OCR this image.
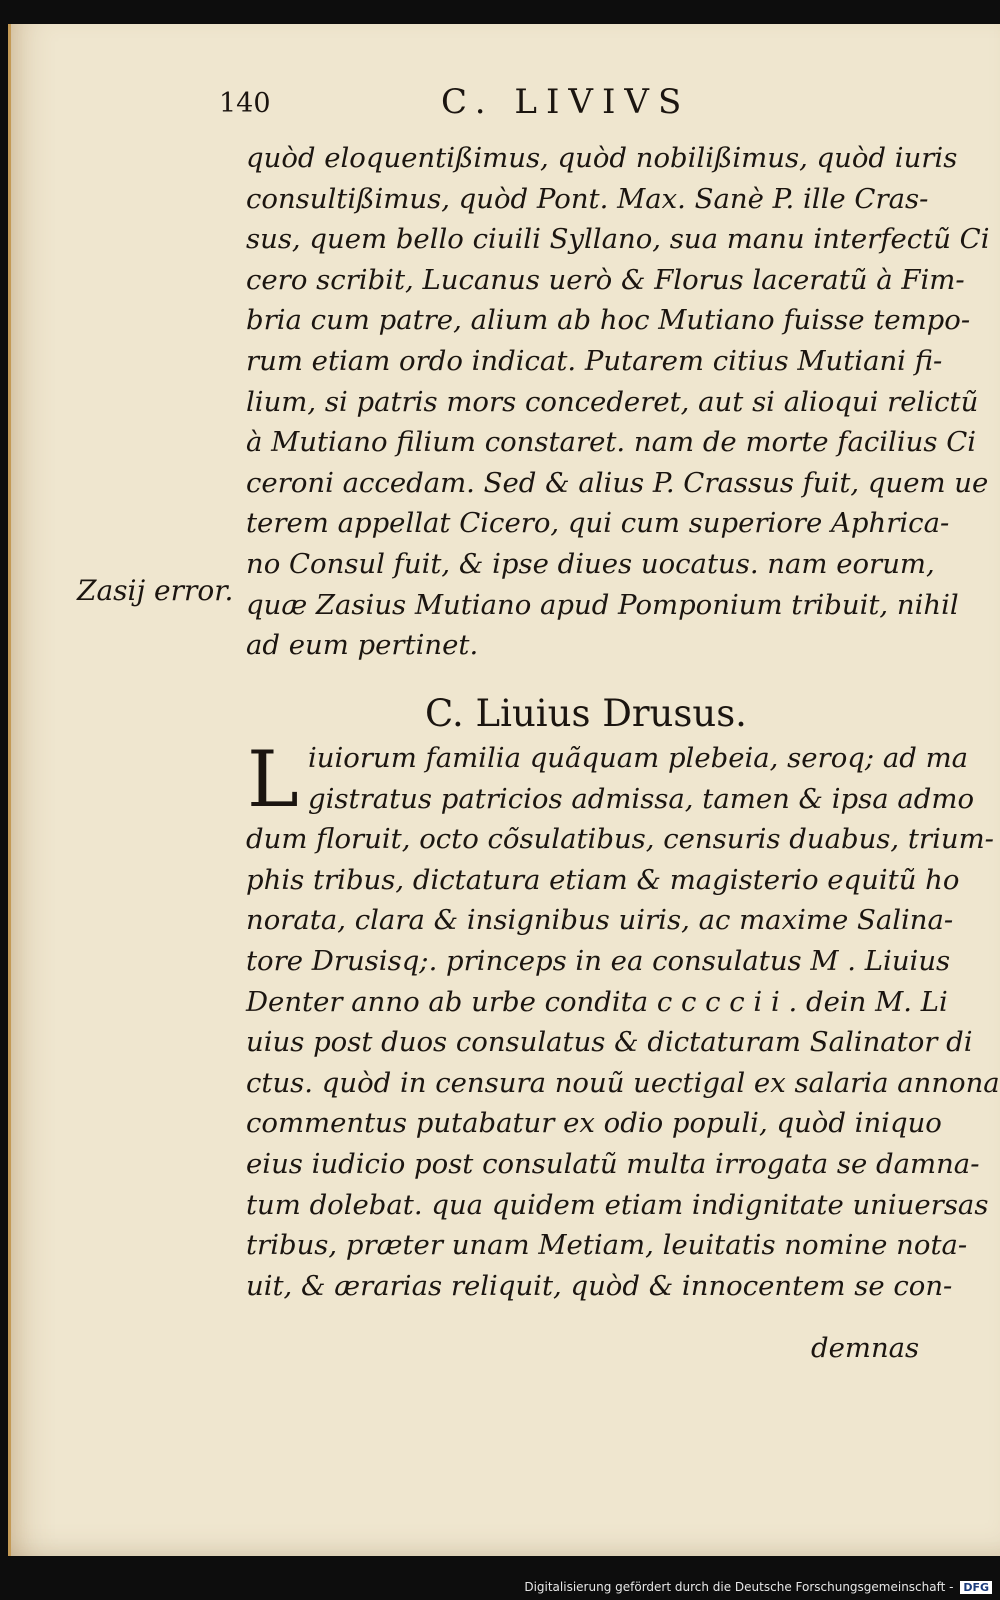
140	C. LIVIVS
quòd eloquentißimus, quòd nobilißimus, quòd iuris
consultißimus, quòd Pont. Max. Sanè P. ille Cras-
sus, quem bello ciuili Syllano, sua manu interfectũ Ci
cero scribit, Lucanus uerò & Florus laceratũ à Fim-
bria cum patre, alium ab hoc Mutiano fuisse tempo-
rum etiam ordo indicat. Putarem citius Mutiani fi-
lium, si patris mors concederet, aut si alioqui relictũ
à Mutiano filium constaret. nam de morte facilius Ci
ceroni accedam. Sed & alius P. Crassus fuit, quem ue
terem appellat Cicero, qui cum superiore Aphrica-
no Consul fuit, & ipse diues uocatus. nam eorum,
quæ Zasius Mutiano apud Pomponium tribuit, nihil
ad eum pertinet.
Zasij error.
C. Liuius Drusus.
L iuiorum familia quãquam plebeia, seroq; ad ma
gistratus patricios admissa, tamen & ipsa admo
dum floruit, octo cõsulatibus, censuris duabus, trium-
phis tribus, dictatura etiam & magisterio equitũ ho
norata, clara & insignibus uiris, ac maxime Salina-
tore Drusisq;. princeps in ea consulatus M . Liuius
Denter anno ab urbe condita c c c c i i . dein M. Li
uius post duos consulatus & dictaturam Salinator di
ctus. quòd in censura nouũ uectigal ex salaria annona
commentus putabatur ex odio populi, quòd iniquo
eius iudicio post consulatũ multa irrogata se damna-
tum dolebat. qua quidem etiam indignitate uniuersas
tribus, præter unam Metiam, leuitatis nomine nota-
uit, & ærarias reliquit, quòd & innocentem se con-
demnas
Digitalisierung gefördert durch die Deutsche Forschungsgemeinschaft - DFG
